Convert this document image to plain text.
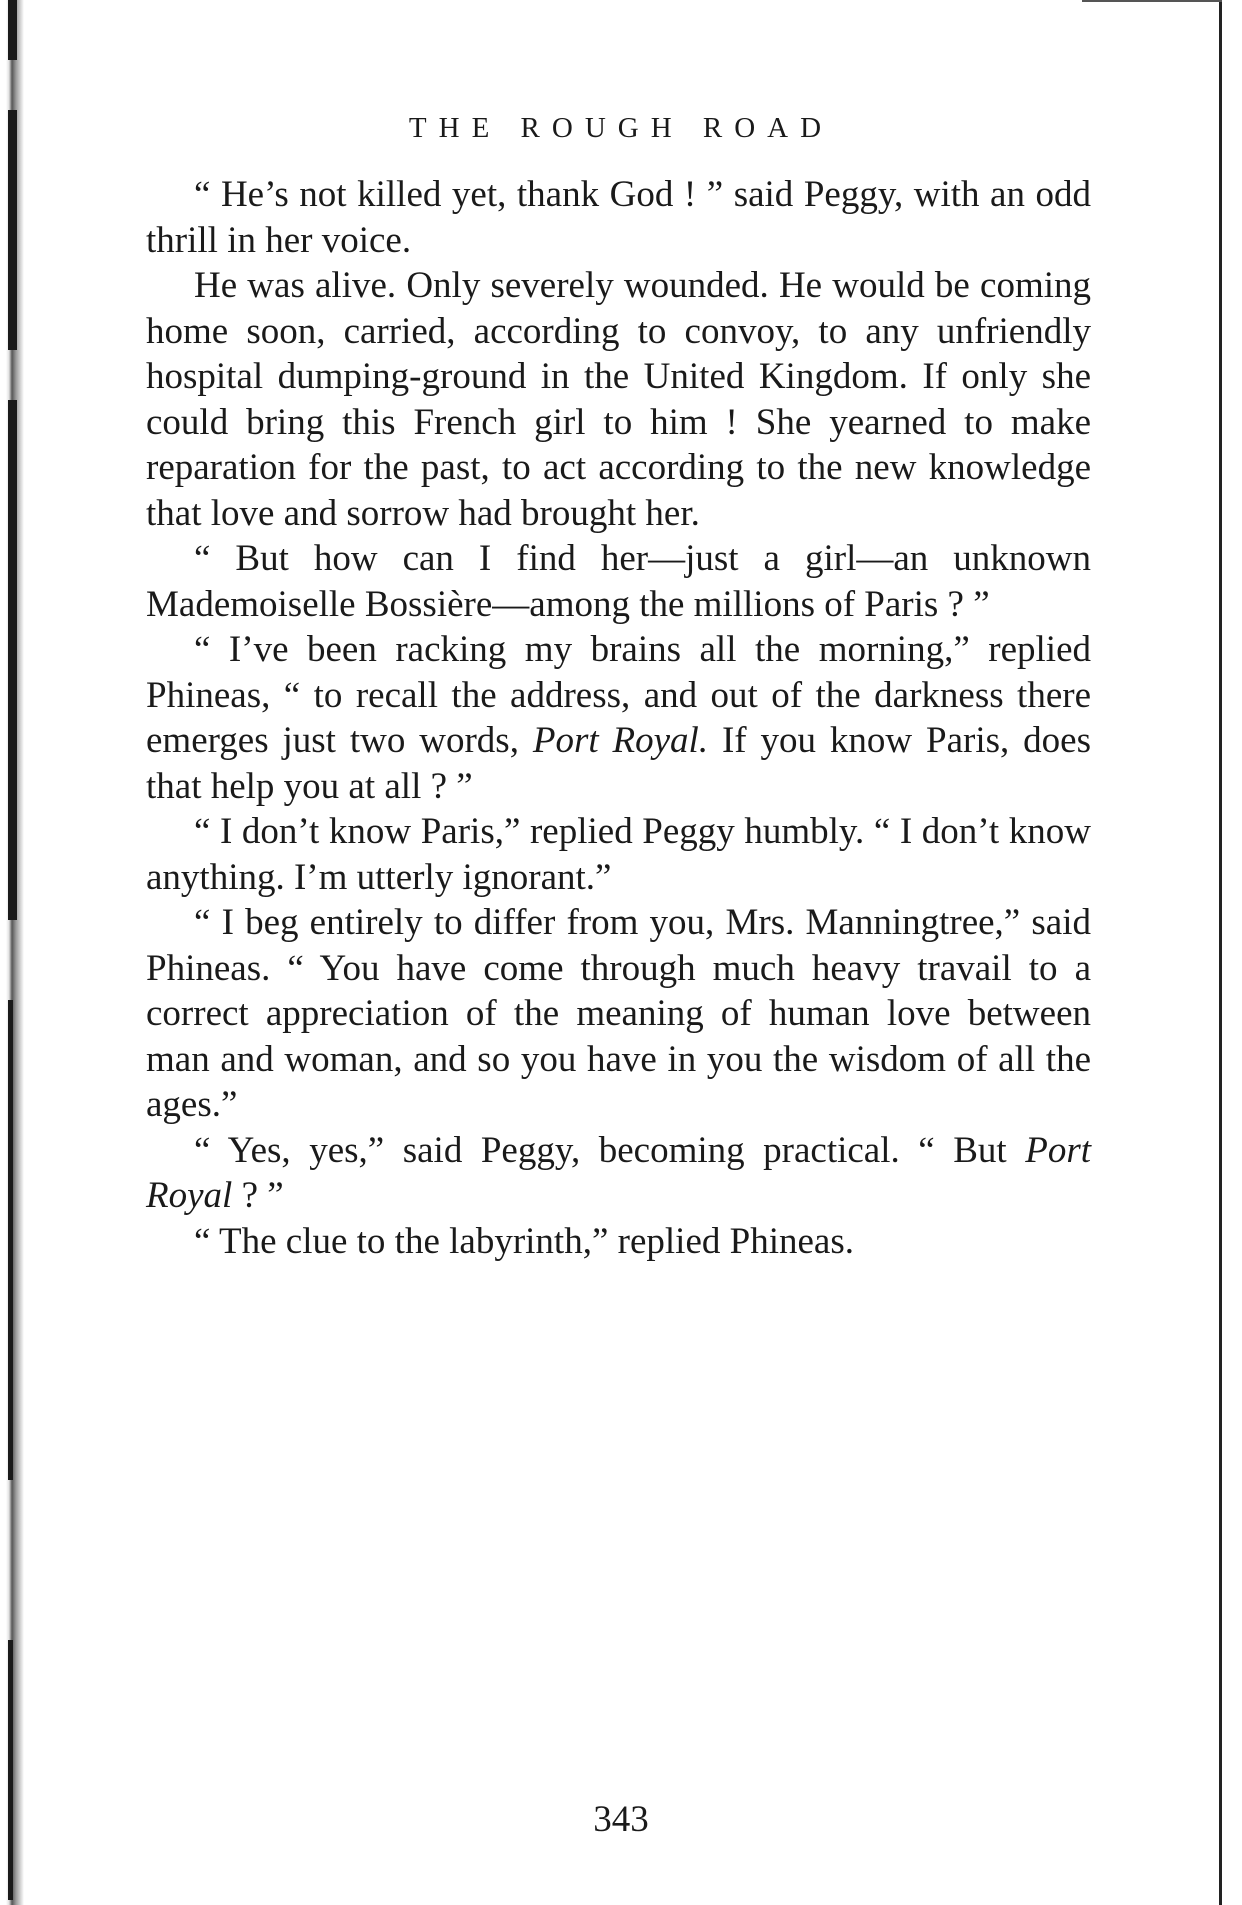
THE ROUGH ROAD

“ He’s not killed yet, thank God ! ” said Peggy, with an odd thrill in her voice.

He was alive. Only severely wounded. He would be coming home soon, carried, according to convoy, to any unfriendly hospital dumping-ground in the United Kingdom. If only she could bring this French girl to him ! She yearned to make reparation for the past, to act according to the new knowledge that love and sorrow had brought her.

“ But how can I find her—just a girl—an unknown Mademoiselle Bossière—among the millions of Paris ? ”

“ I’ve been racking my brains all the morning,” replied Phineas, “ to recall the address, and out of the darkness there emerges just two words, Port Royal. If you know Paris, does that help you at all ? ”

“ I don’t know Paris,” replied Peggy humbly. “ I don’t know anything. I’m utterly ignorant.”

“ I beg entirely to differ from you, Mrs. Manningtree,” said Phineas. “ You have come through much heavy travail to a correct appreciation of the meaning of human love between man and woman, and so you have in you the wisdom of all the ages.”

“ Yes, yes,” said Peggy, becoming practical. “ But Port Royal ? ”

“ The clue to the labyrinth,” replied Phineas.

343
